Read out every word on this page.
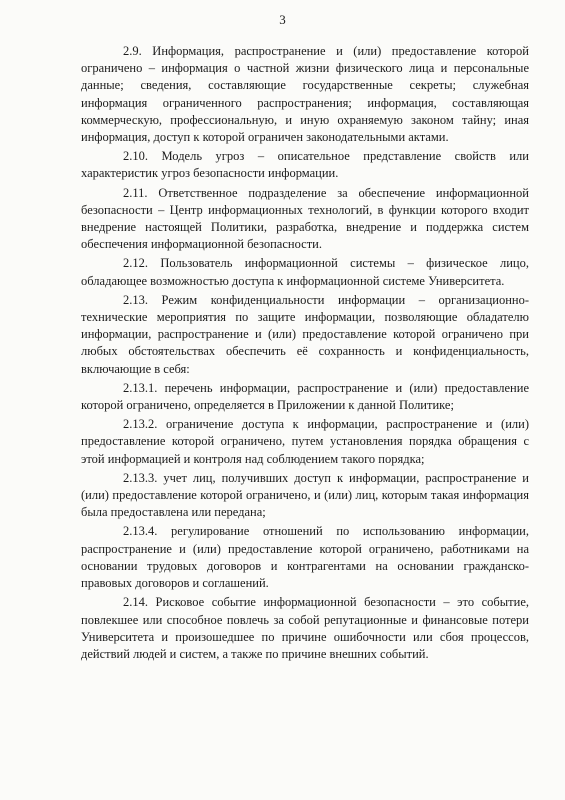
3

2.9. Информация, распространение и (или) предоставление которой ограничено – информация о частной жизни физического лица и персональные данные; сведения, составляющие государственные секреты; служебная информация ограниченного распространения; информация, составляющая коммерческую, профессиональную, и иную охраняемую законом тайну; иная информация, доступ к которой ограничен законодательными актами.

2.10. Модель угроз – описательное представление свойств или характеристик угроз безопасности информации.

2.11. Ответственное подразделение за обеспечение информационной безопасности – Центр информационных технологий, в функции которого входит внедрение настоящей Политики, разработка, внедрение и поддержка систем обеспечения информационной безопасности.

2.12. Пользователь информационной системы – физическое лицо, обладающее возможностью доступа к информационной системе Университета.

2.13. Режим конфиденциальности информации – организационно-технические мероприятия по защите информации, позволяющие обладателю информации, распространение и (или) предоставление которой ограничено при любых обстоятельствах обеспечить её сохранность и конфиденциальность, включающие в себя:

2.13.1. перечень информации, распространение и (или) предоставление которой ограничено, определяется в Приложении к данной Политике;

2.13.2. ограничение доступа к информации, распространение и (или) предоставление которой ограничено, путем установления порядка обращения с этой информацией и контроля над соблюдением такого порядка;

2.13.3. учет лиц, получивших доступ к информации, распространение и (или) предоставление которой ограничено, и (или) лиц, которым такая информация была предоставлена или передана;

2.13.4. регулирование отношений по использованию информации, распространение и (или) предоставление которой ограничено, работниками на основании трудовых договоров и контрагентами на основании гражданско-правовых договоров и соглашений.

2.14. Рисковое событие информационной безопасности – это событие, повлекшее или способное повлечь за собой репутационные и финансовые потери Университета и произошедшее по причине ошибочности или сбоя процессов, действий людей и систем, а также по причине внешних событий.
